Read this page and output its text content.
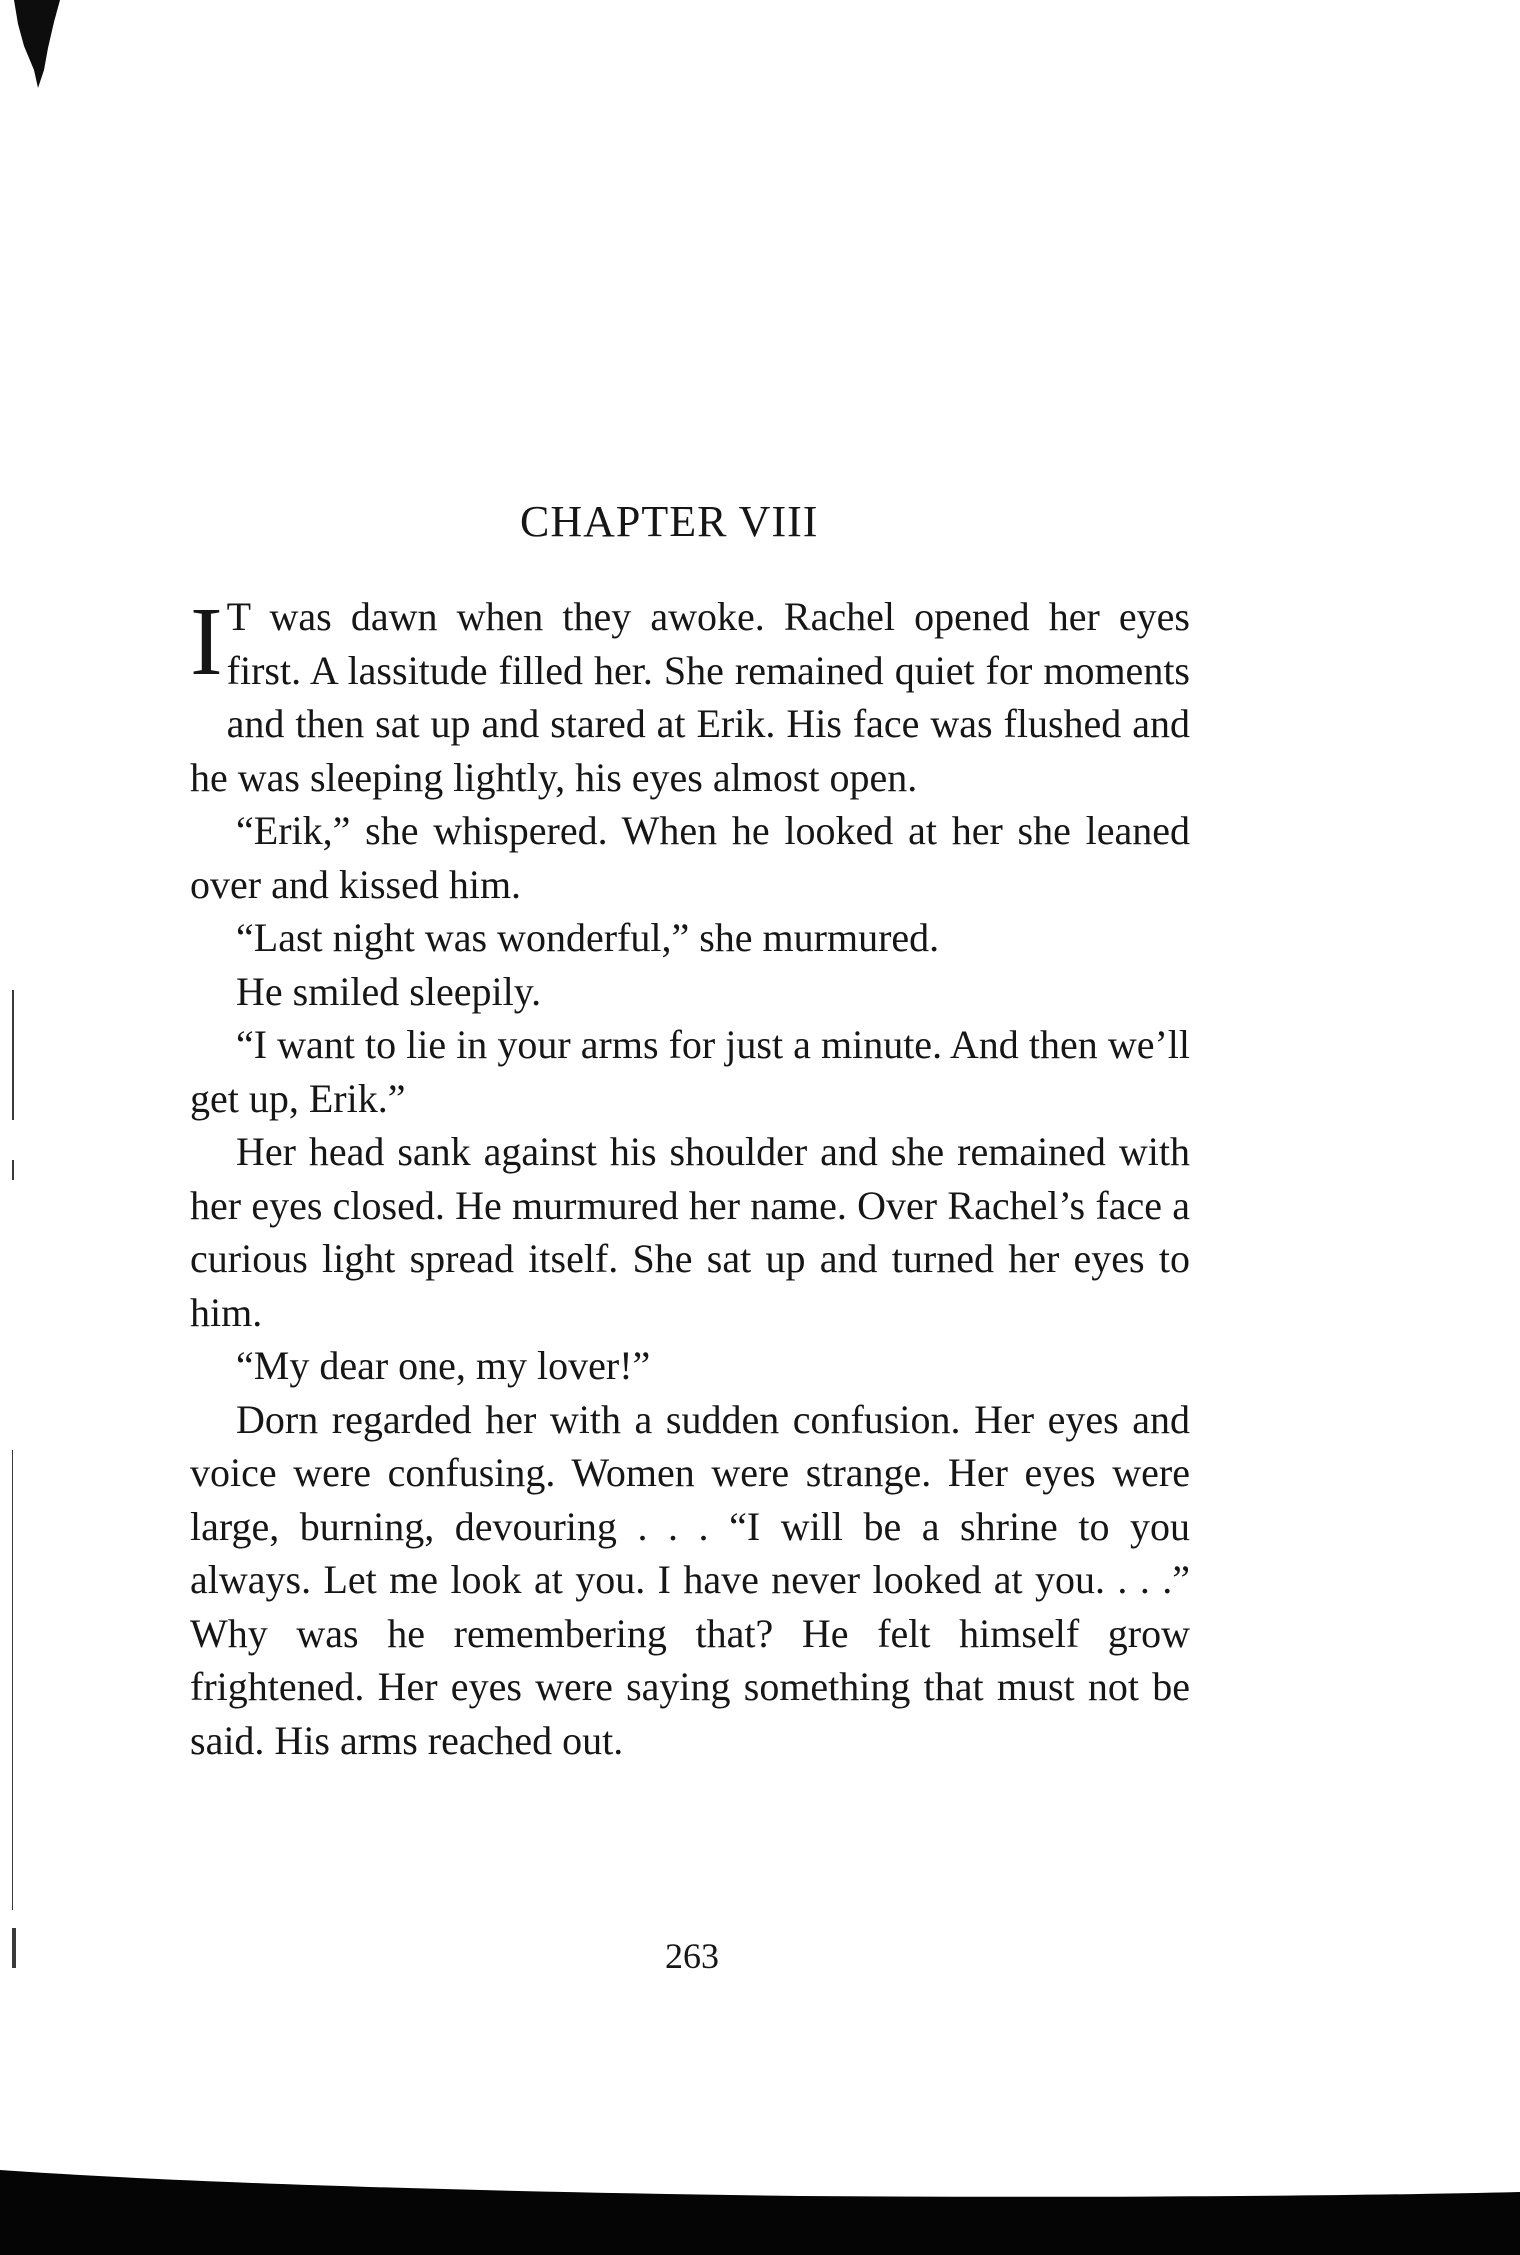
CHAPTER VIII

I T was dawn when they awoke. Rachel opened her eyes first. A lassitude filled her. She remained quiet for moments and then sat up and stared at Erik. His face was flushed and he was sleeping lightly, his eyes almost open.

“Erik,” she whispered. When he looked at her she leaned over and kissed him.

“Last night was wonderful,” she murmured.

He smiled sleepily.

“I want to lie in your arms for just a minute. And then we’ll get up, Erik.”

Her head sank against his shoulder and she remained with her eyes closed. He murmured her name. Over Rachel’s face a curious light spread itself. She sat up and turned her eyes to him.

“My dear one, my lover!”

Dorn regarded her with a sudden confusion. Her eyes and voice were confusing. Women were strange. Her eyes were large, burning, devouring . . . “I will be a shrine to you always. Let me look at you. I have never looked at you. . . .” Why was he remembering that? He felt himself grow frightened. Her eyes were saying something that must not be said. His arms reached out.

263
